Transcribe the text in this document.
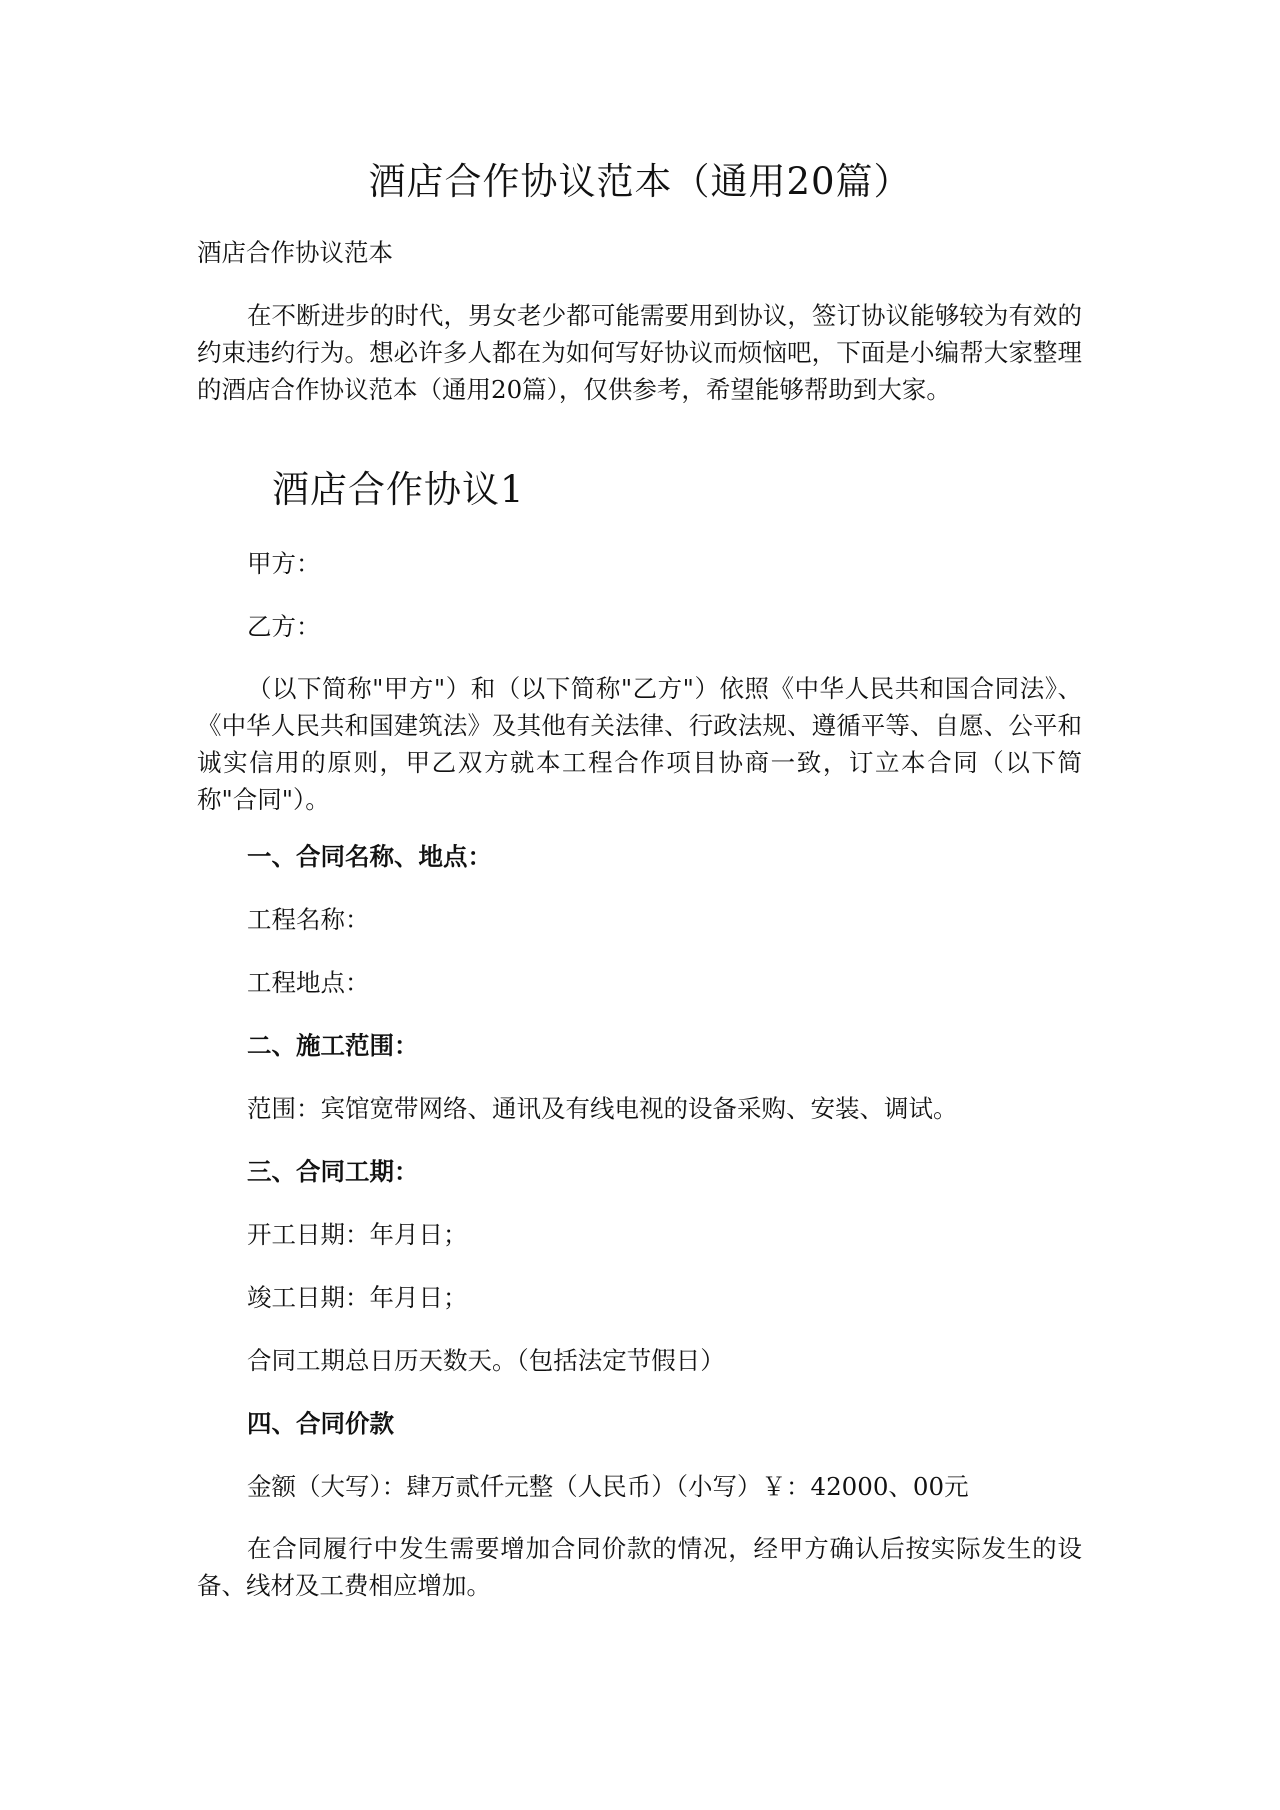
酒店合作协议范本（通用20篇）

酒店合作协议范本

在不断进步的时代，男女老少都可能需要用到协议，签订协议能够较为有效的约束违约行为。想必许多人都在为如何写好协议而烦恼吧，下面是小编帮大家整理的酒店合作协议范本（通用20篇），仅供参考，希望能够帮助到大家。

酒店合作协议1

甲方：

乙方：

（以下简称"甲方"）和（以下简称"乙方"）依照《中华人民共和国合同法》、《中华人民共和国建筑法》及其他有关法律、行政法规、遵循平等、自愿、公平和诚实信用的原则，甲乙双方就本工程合作项目协商一致，订立本合同（以下简称"合同"）。

一、合同名称、地点：

工程名称：

工程地点：

二、施工范围：

范围：宾馆宽带网络、通讯及有线电视的设备采购、安装、调试。

三、合同工期：

开工日期：年月日；

竣工日期：年月日；

合同工期总日历天数天。（包括法定节假日）

四、合同价款

金额（大写）：肆万贰仟元整（人民币）（小写）￥：42000、00元

在合同履行中发生需要增加合同价款的情况，经甲方确认后按实际发生的设备、线材及工费相应增加。
